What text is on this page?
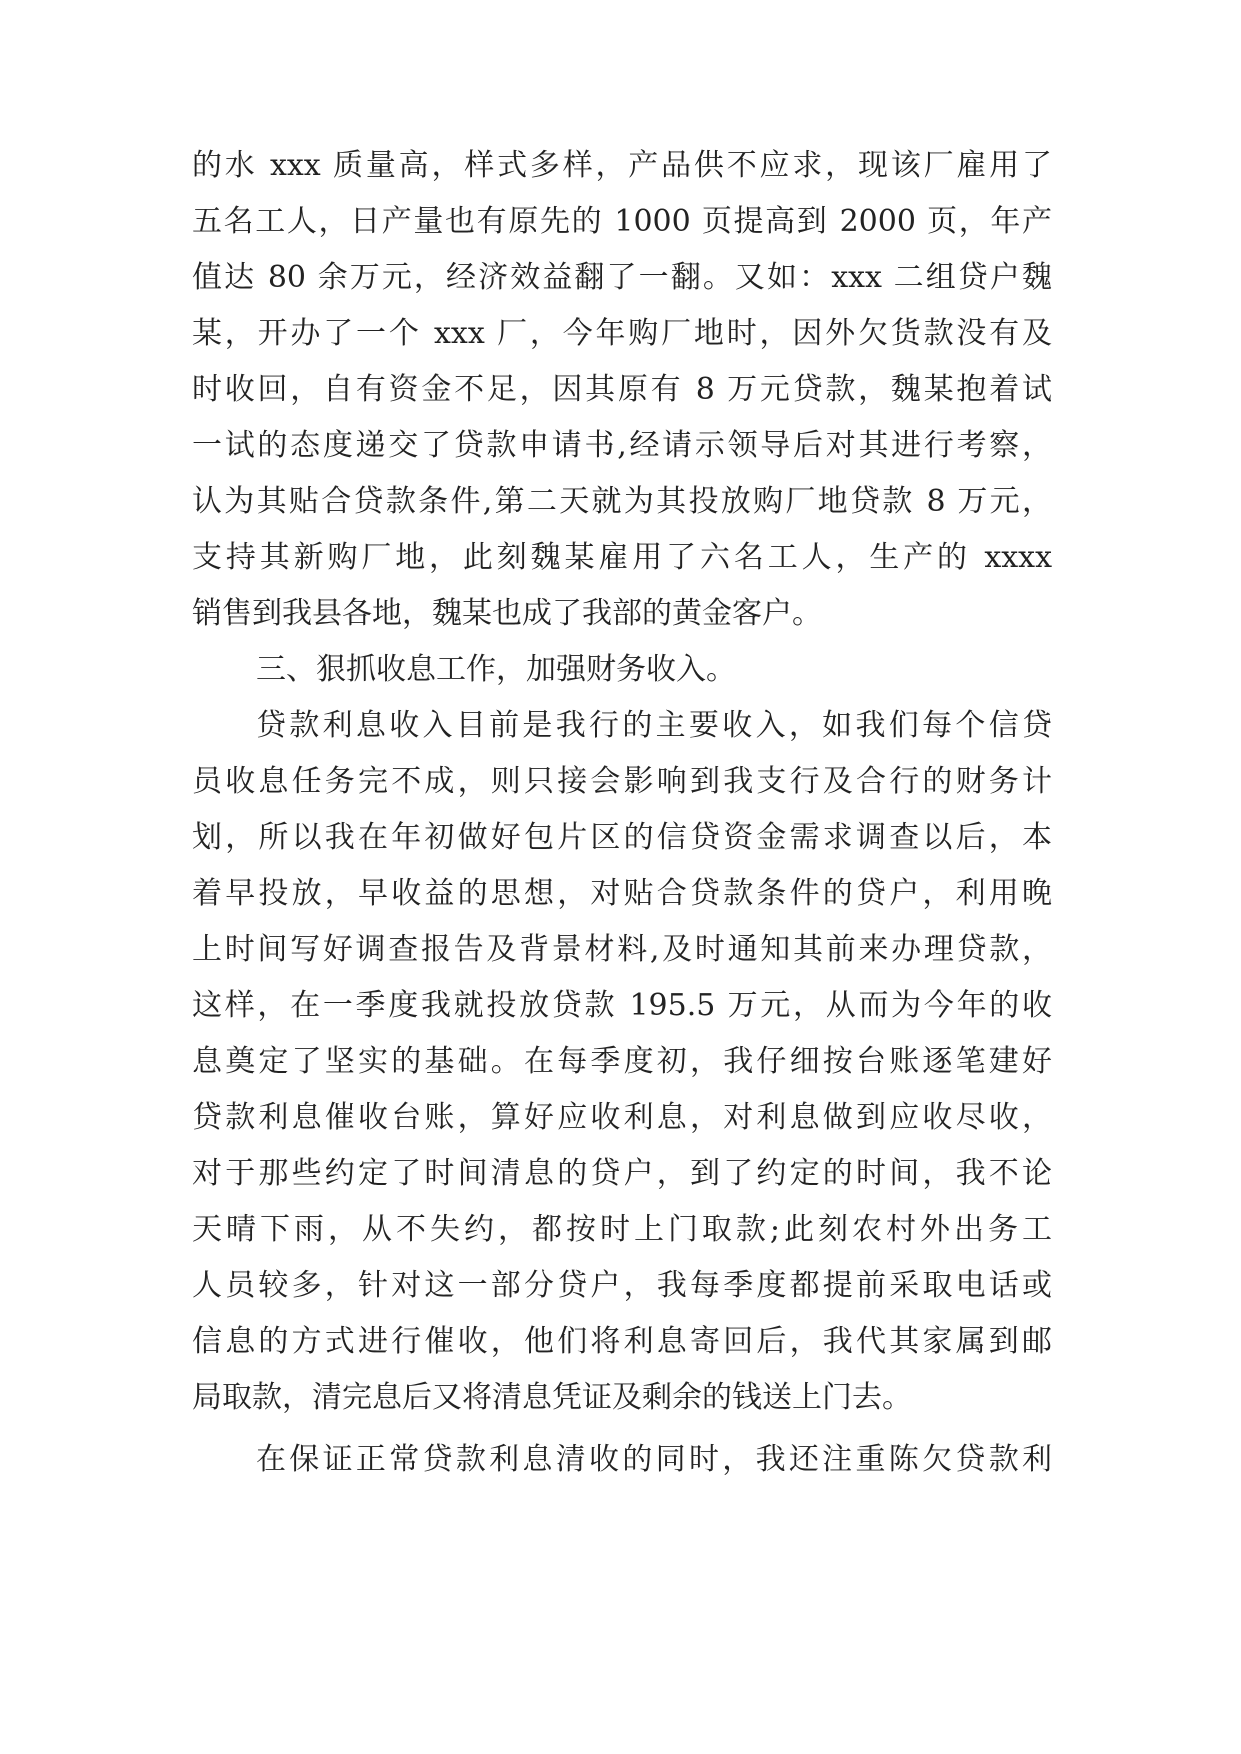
的水 xxx 质量高，样式多样，产品供不应求，现该厂雇用了
五名工人，日产量也有原先的 1000 页提高到 2000 页，年产
值达 80 余万元，经济效益翻了一翻。又如：xxx 二组贷户魏
某，开办了一个 xxx 厂，今年购厂地时，因外欠货款没有及
时收回，自有资金不足，因其原有 8 万元贷款，魏某抱着试
一试的态度递交了贷款申请书,经请示领导后对其进行考察，
认为其贴合贷款条件,第二天就为其投放购厂地贷款 8 万元，
支持其新购厂地，此刻魏某雇用了六名工人，生产的 xxxx
销售到我县各地，魏某也成了我部的黄金客户。
三、狠抓收息工作，加强财务收入。
贷款利息收入目前是我行的主要收入，如我们每个信贷
员收息任务完不成，则只接会影响到我支行及合行的财务计
划，所以我在年初做好包片区的信贷资金需求调查以后，本
着早投放，早收益的思想，对贴合贷款条件的贷户，利用晚
上时间写好调查报告及背景材料,及时通知其前来办理贷款，
这样，在一季度我就投放贷款 195.5 万元，从而为今年的收
息奠定了坚实的基础。在每季度初，我仔细按台账逐笔建好
贷款利息催收台账，算好应收利息，对利息做到应收尽收，
对于那些约定了时间清息的贷户，到了约定的时间，我不论
天晴下雨，从不失约，都按时上门取款;此刻农村外出务工
人员较多，针对这一部分贷户，我每季度都提前采取电话或
信息的方式进行催收，他们将利息寄回后，我代其家属到邮
局取款，清完息后又将清息凭证及剩余的钱送上门去。
在保证正常贷款利息清收的同时，我还注重陈欠贷款利
